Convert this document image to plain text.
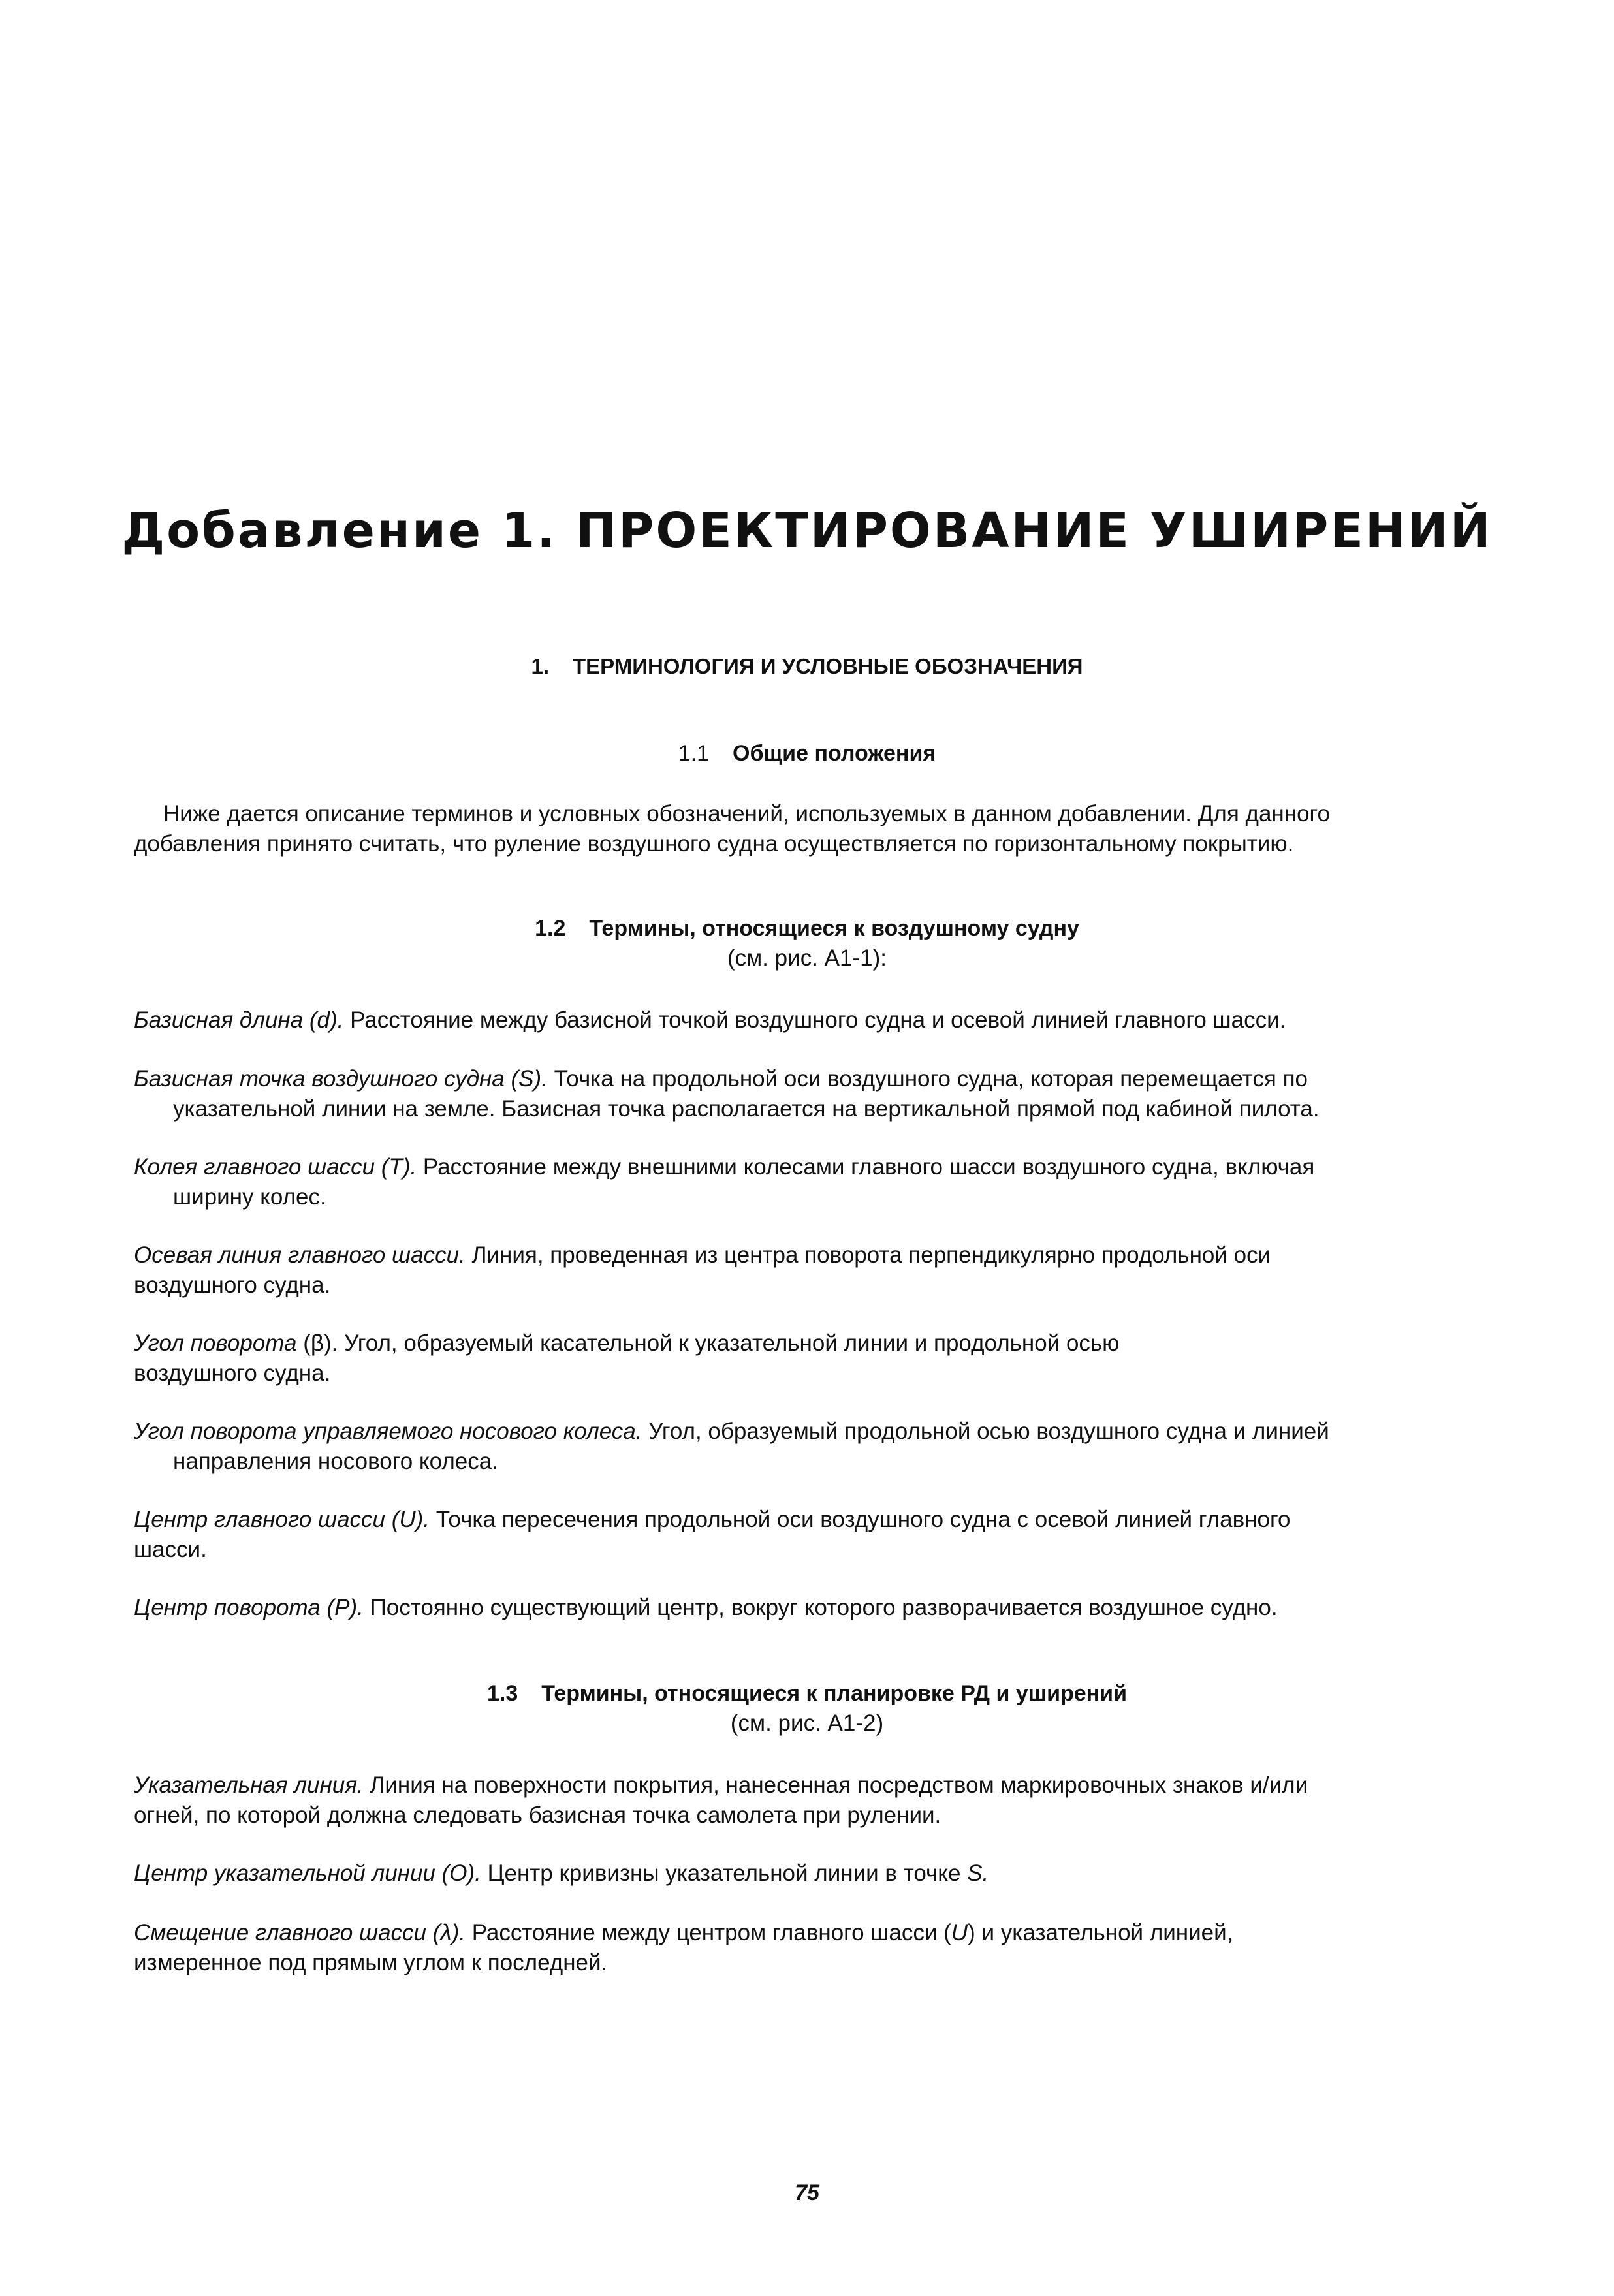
Добавление 1. ПРОЕКТИРОВАНИЕ УШИРЕНИЙ
1. ТЕРМИНОЛОГИЯ И УСЛОВНЫЕ ОБОЗНАЧЕНИЯ
1.1 Общие положения
Ниже дается описание терминов и условных обозначений, используемых в данном добавлении. Для данного
добавления принято считать, что руление воздушного судна осуществляется по горизонтальному покрытию.
1.2 Термины, относящиеся к воздушному судну
(см. рис. А1-1):
Базисная длина (d). Расстояние между базисной точкой воздушного судна и осевой линией главного шасси.
Базисная точка воздушного судна (S). Точка на продольной оси воздушного судна, которая перемещается по
указательной линии на земле. Базисная точка располагается на вертикальной прямой под кабиной пилота.
Колея главного шасси (T). Расстояние между внешними колесами главного шасси воздушного судна, включая
ширину колес.
Осевая линия главного шасси. Линия, проведенная из центра поворота перпендикулярно продольной оси
воздушного судна.
Угол поворота (β). Угол, образуемый касательной к указательной линии и продольной осью
воздушного судна.
Угол поворота управляемого носового колеса. Угол, образуемый продольной осью воздушного судна и линией
направления носового колеса.
Центр главного шасси (U). Точка пересечения продольной оси воздушного судна с осевой линией главного
шасси.
Центр поворота (P). Постоянно существующий центр, вокруг которого разворачивается воздушное судно.
1.3 Термины, относящиеся к планировке РД и уширений
(см. рис. А1-2)
Указательная линия. Линия на поверхности покрытия, нанесенная посредством маркировочных знаков и/или
огней, по которой должна следовать базисная точка самолета при рулении.
Центр указательной линии (O). Центр кривизны указательной линии в точке S.
Смещение главного шасси (λ). Расстояние между центром главного шасси (U) и указательной линией,
измеренное под прямым углом к последней.
75
